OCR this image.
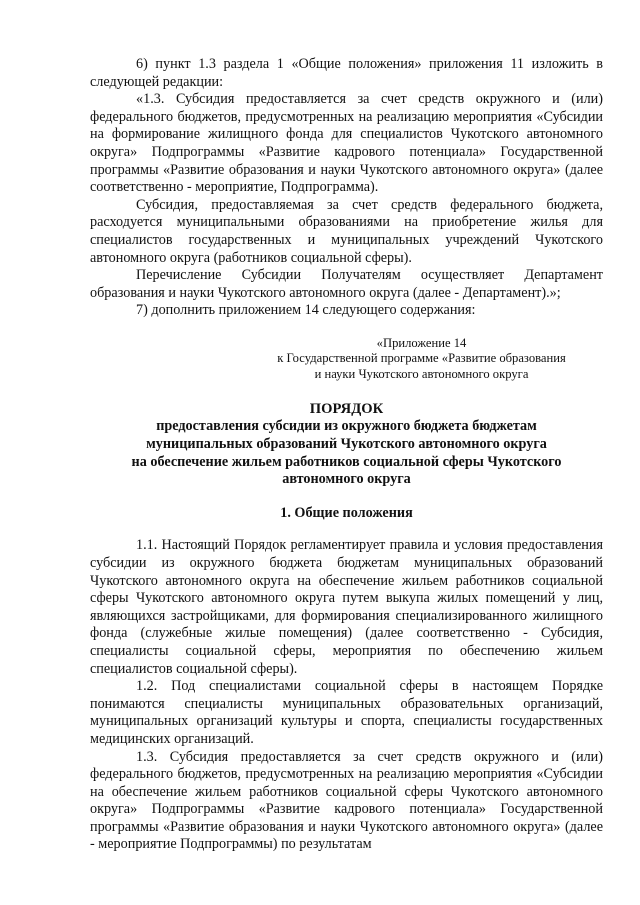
6) пункт 1.3 раздела 1 «Общие положения» приложения 11 изложить в следующей редакции:

«1.3. Субсидия предоставляется за счет средств окружного и (или) федерального бюджетов, предусмотренных на реализацию мероприятия «Субсидии на формирование жилищного фонда для специалистов Чукотского автономного округа» Подпрограммы «Развитие кадрового потенциала» Государственной программы «Развитие образования и науки Чукотского автономного округа» (далее соответственно - мероприятие, Подпрограмма).

Субсидия, предоставляемая за счет средств федерального бюджета, расходуется муниципальными образованиями на приобретение жилья для специалистов государственных и муниципальных учреждений Чукотского автономного округа (работников социальной сферы).

Перечисление Субсидии Получателям осуществляет Департамент образования и науки Чукотского автономного округа (далее - Департамент).»;

7) дополнить приложением 14 следующего содержания:

«Приложение 14
к Государственной программе «Развитие образования
и науки Чукотского автономного округа
ПОРЯДОК
предоставления субсидии из окружного бюджета бюджетам
муниципальных образований Чукотского автономного округа
на обеспечение жильем работников социальной сферы Чукотского
автономного округа
1. Общие положения

1.1. Настоящий Порядок регламентирует правила и условия предоставления субсидии из окружного бюджета бюджетам муниципальных образований Чукотского автономного округа на обеспечение жильем работников социальной сферы Чукотского автономного округа путем выкупа жилых помещений у лиц, являющихся застройщиками, для формирования специализированного жилищного фонда (служебные жилые помещения) (далее соответственно - Субсидия, специалисты социальной сферы, мероприятия по обеспечению жильем специалистов социальной сферы).

1.2. Под специалистами социальной сферы в настоящем Порядке понимаются специалисты муниципальных образовательных организаций, муниципальных организаций культуры и спорта, специалисты государственных медицинских организаций.

1.3. Субсидия предоставляется за счет средств окружного и (или) федерального бюджетов, предусмотренных на реализацию мероприятия «Субсидии на обеспечение жильем работников социальной сферы Чукотского автономного округа» Подпрограммы «Развитие кадрового потенциала» Государственной программы «Развитие образования и науки Чукотского автономного округа» (далее - мероприятие Подпрограммы) по результатам
